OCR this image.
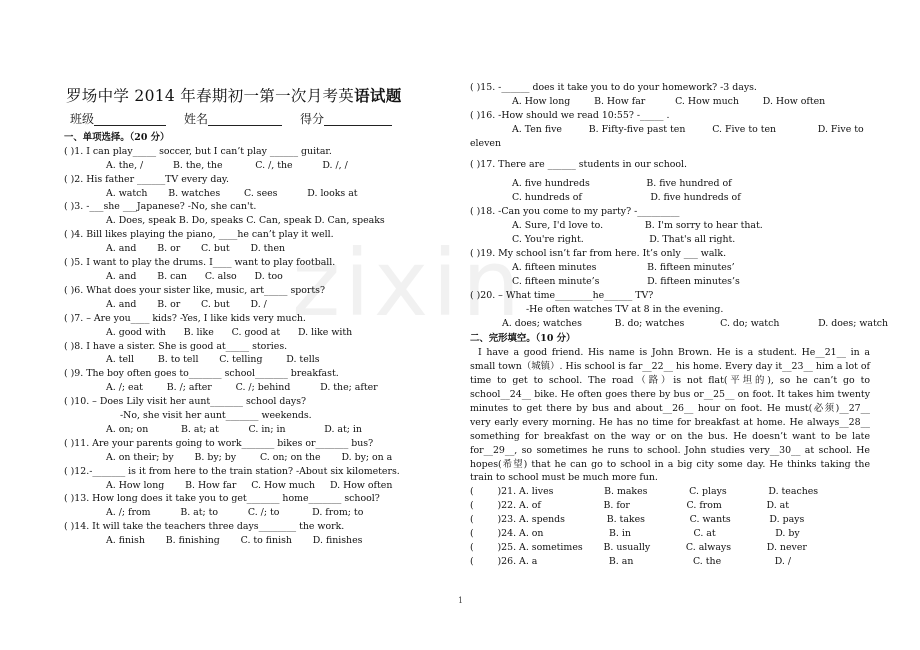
zixin
罗场中学 2014 年春期初一第一次月考英语试题
班级	姓名	得分
一、单项选择。（20 分）
( )1. I can play_____ soccer, but I can’t play ______ guitar.
A. the, /          B. the, the           C. /, the          D. /, /
( )2. His father ______TV every day.
A. watch       B. watches        C. sees          D. looks at
( )3. -___she ___Japanese? -No, she can't.
A. Does, speak B. Do, speaks C. Can, speak D. Can, speaks
( )4. Bill likes playing the piano, ____he can’t play it well.
A. and       B. or       C. but       D. then
( )5. I want to play the drums. I____ want to play football.
A. and       B. can      C. also      D. too
( )6. What does your sister like, music, art_____ sports?
A. and       B. or       C. but       D. /
( )7. – Are you____ kids? -Yes, I like kids very much.
A. good with      B. like      C. good at      D. like with
( )8. I have a sister. She is good at_____ stories.
A. tell        B. to tell       C. telling        D. tells
( )9. The boy often goes to_______ school_______ breakfast.
A. /; eat        B. /; after        C. /; behind          D. the; after
( )10. – Does Lily visit her aunt_______ school days?
-No, she visit her aunt_______ weekends.
A. on; on           B. at; at          C. in; in             D. at; in
( )11. Are your parents going to work_______ bikes or_______ bus?
A. on their; by       B. by; by        C. on; on the       D. by; on a
( )12.-_______ is it from here to the train station? -About six kilometers.
A. How long       B. How far     C. How much     D. How often
( )13. How long does it take you to get_______ home_______ school?
A. /; from          B. at; to          C. /; to           D. from; to
( )14. It will take the teachers three days________ the work.
A. finish       B. finishing       C. to finish       D. finishes
( )15. -______ does it take you to do your homework? -3 days.
A. How long        B. How far          C. How much        D. How often
( )16. -How should we read 10:55? -_____ .
A. Ten five         B. Fifty-five past ten         C. Five to ten              D. Five to
eleven
( )17. There are ______ students in our school.
A. five hundreds                   B. five hundred of
C. hundreds of                       D. five hundreds of
( )18. -Can you come to my party? -_________
A. Sure, I'd love to.              B. I'm sorry to hear that.
C. You're right.                      D. That's all right.
( )19. My school isn’t far from here. It’s only ___ walk.
A. fifteen minutes                 B. fifteen minutes’
C. fifteen minute’s                D. fifteen minutes’s
( )20. – What time________he______ TV?
-He often watches TV at 8 in the evening.
A. does; watches           B. do; watches            C. do; watch             D. does; watch
二、完形填空。（10 分）
I have a good friend. His name is John Brown. He is a student. He__21__ in a small town（城镇）. His school is far__22__ his home. Every day it__23__ him a lot of time to get to school. The road（路）is not flat(平坦的), so he can’t go to school__24__ bike. He often goes there by bus or__25__ on foot. It takes him twenty minutes to get there by bus and about__26__ hour on foot. He must(必须)__27__ very early every morning. He has no time for breakfast at home. He always__28__ something for breakfast on the way or on the bus. He doesn’t want to be late for__29__, so sometimes he runs to school. John studies very__30__ at school. He hopes(希望) that he can go to school in a big city some day. He thinks taking the train to school must be much more fun.
(        )21. A. lives                 B. makes              C. plays              D. teaches
(        )22. A. of                     B. for                   C. from               D. at
(        )23. A. spends              B. takes               C. wants             D. pays
(        )24. A. on                      B. in                     C. at                    D. by
(        )25. A. sometimes       B. usually            C. always            D. never
(        )26. A. a                        B. an                    C. the                  D. /
1
